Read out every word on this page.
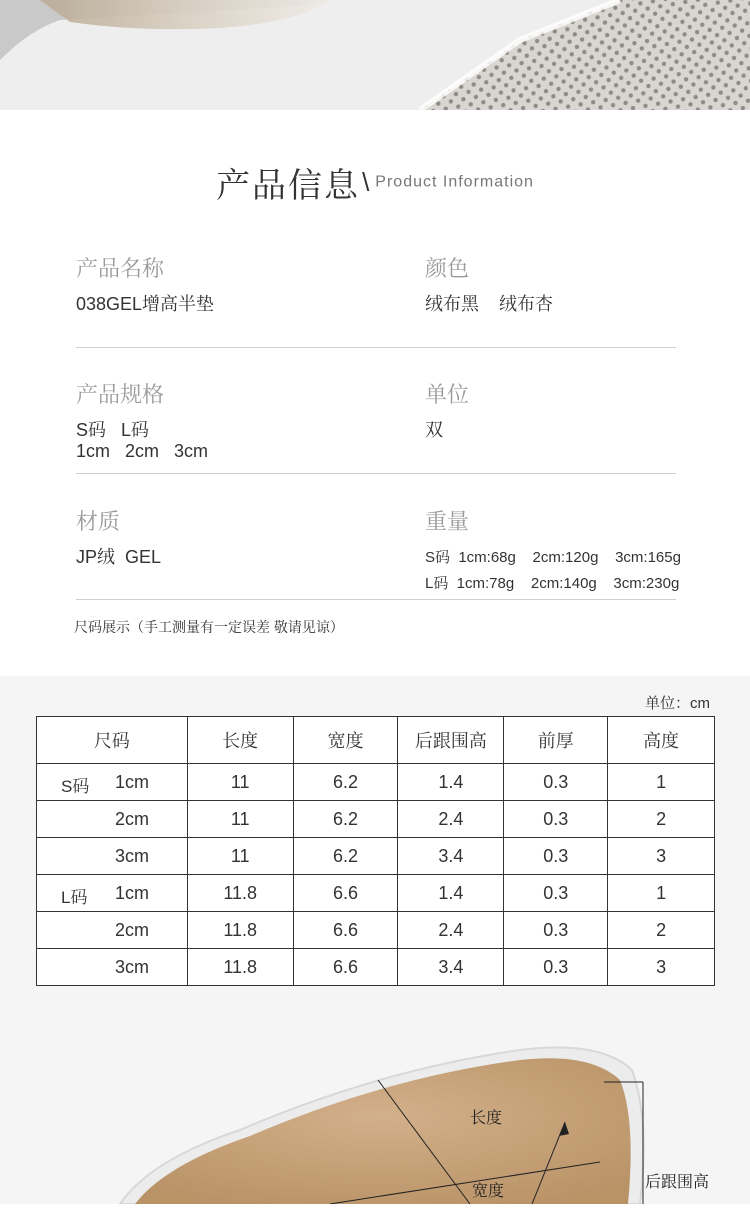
产品信息\ Product Information
产品名称
038GEL增高半垫
颜色
绒布黑    绒布杏
产品规格
S码   L码
1cm   2cm   3cm
单位
双
材质
JP绒  GEL
重量
S码  1cm:68g    2cm:120g    3cm:165g
L码  1cm:78g    2cm:140g    3cm:230g
尺码展示（手工测量有一定误差 敬请见谅）
单位：cm
尺码	长度	宽度	后跟围高	前厚	高度

S码 1cm	11	6.2	1.4	0.3	1

2cm	11	6.2	2.4	0.3	2

3cm	11	6.2	3.4	0.3	3

L码 1cm	11.8	6.6	1.4	0.3	1

2cm	11.8	6.6	2.4	0.3	2

3cm	11.8	6.6	3.4	0.3	3
长度
宽度
后跟围高
